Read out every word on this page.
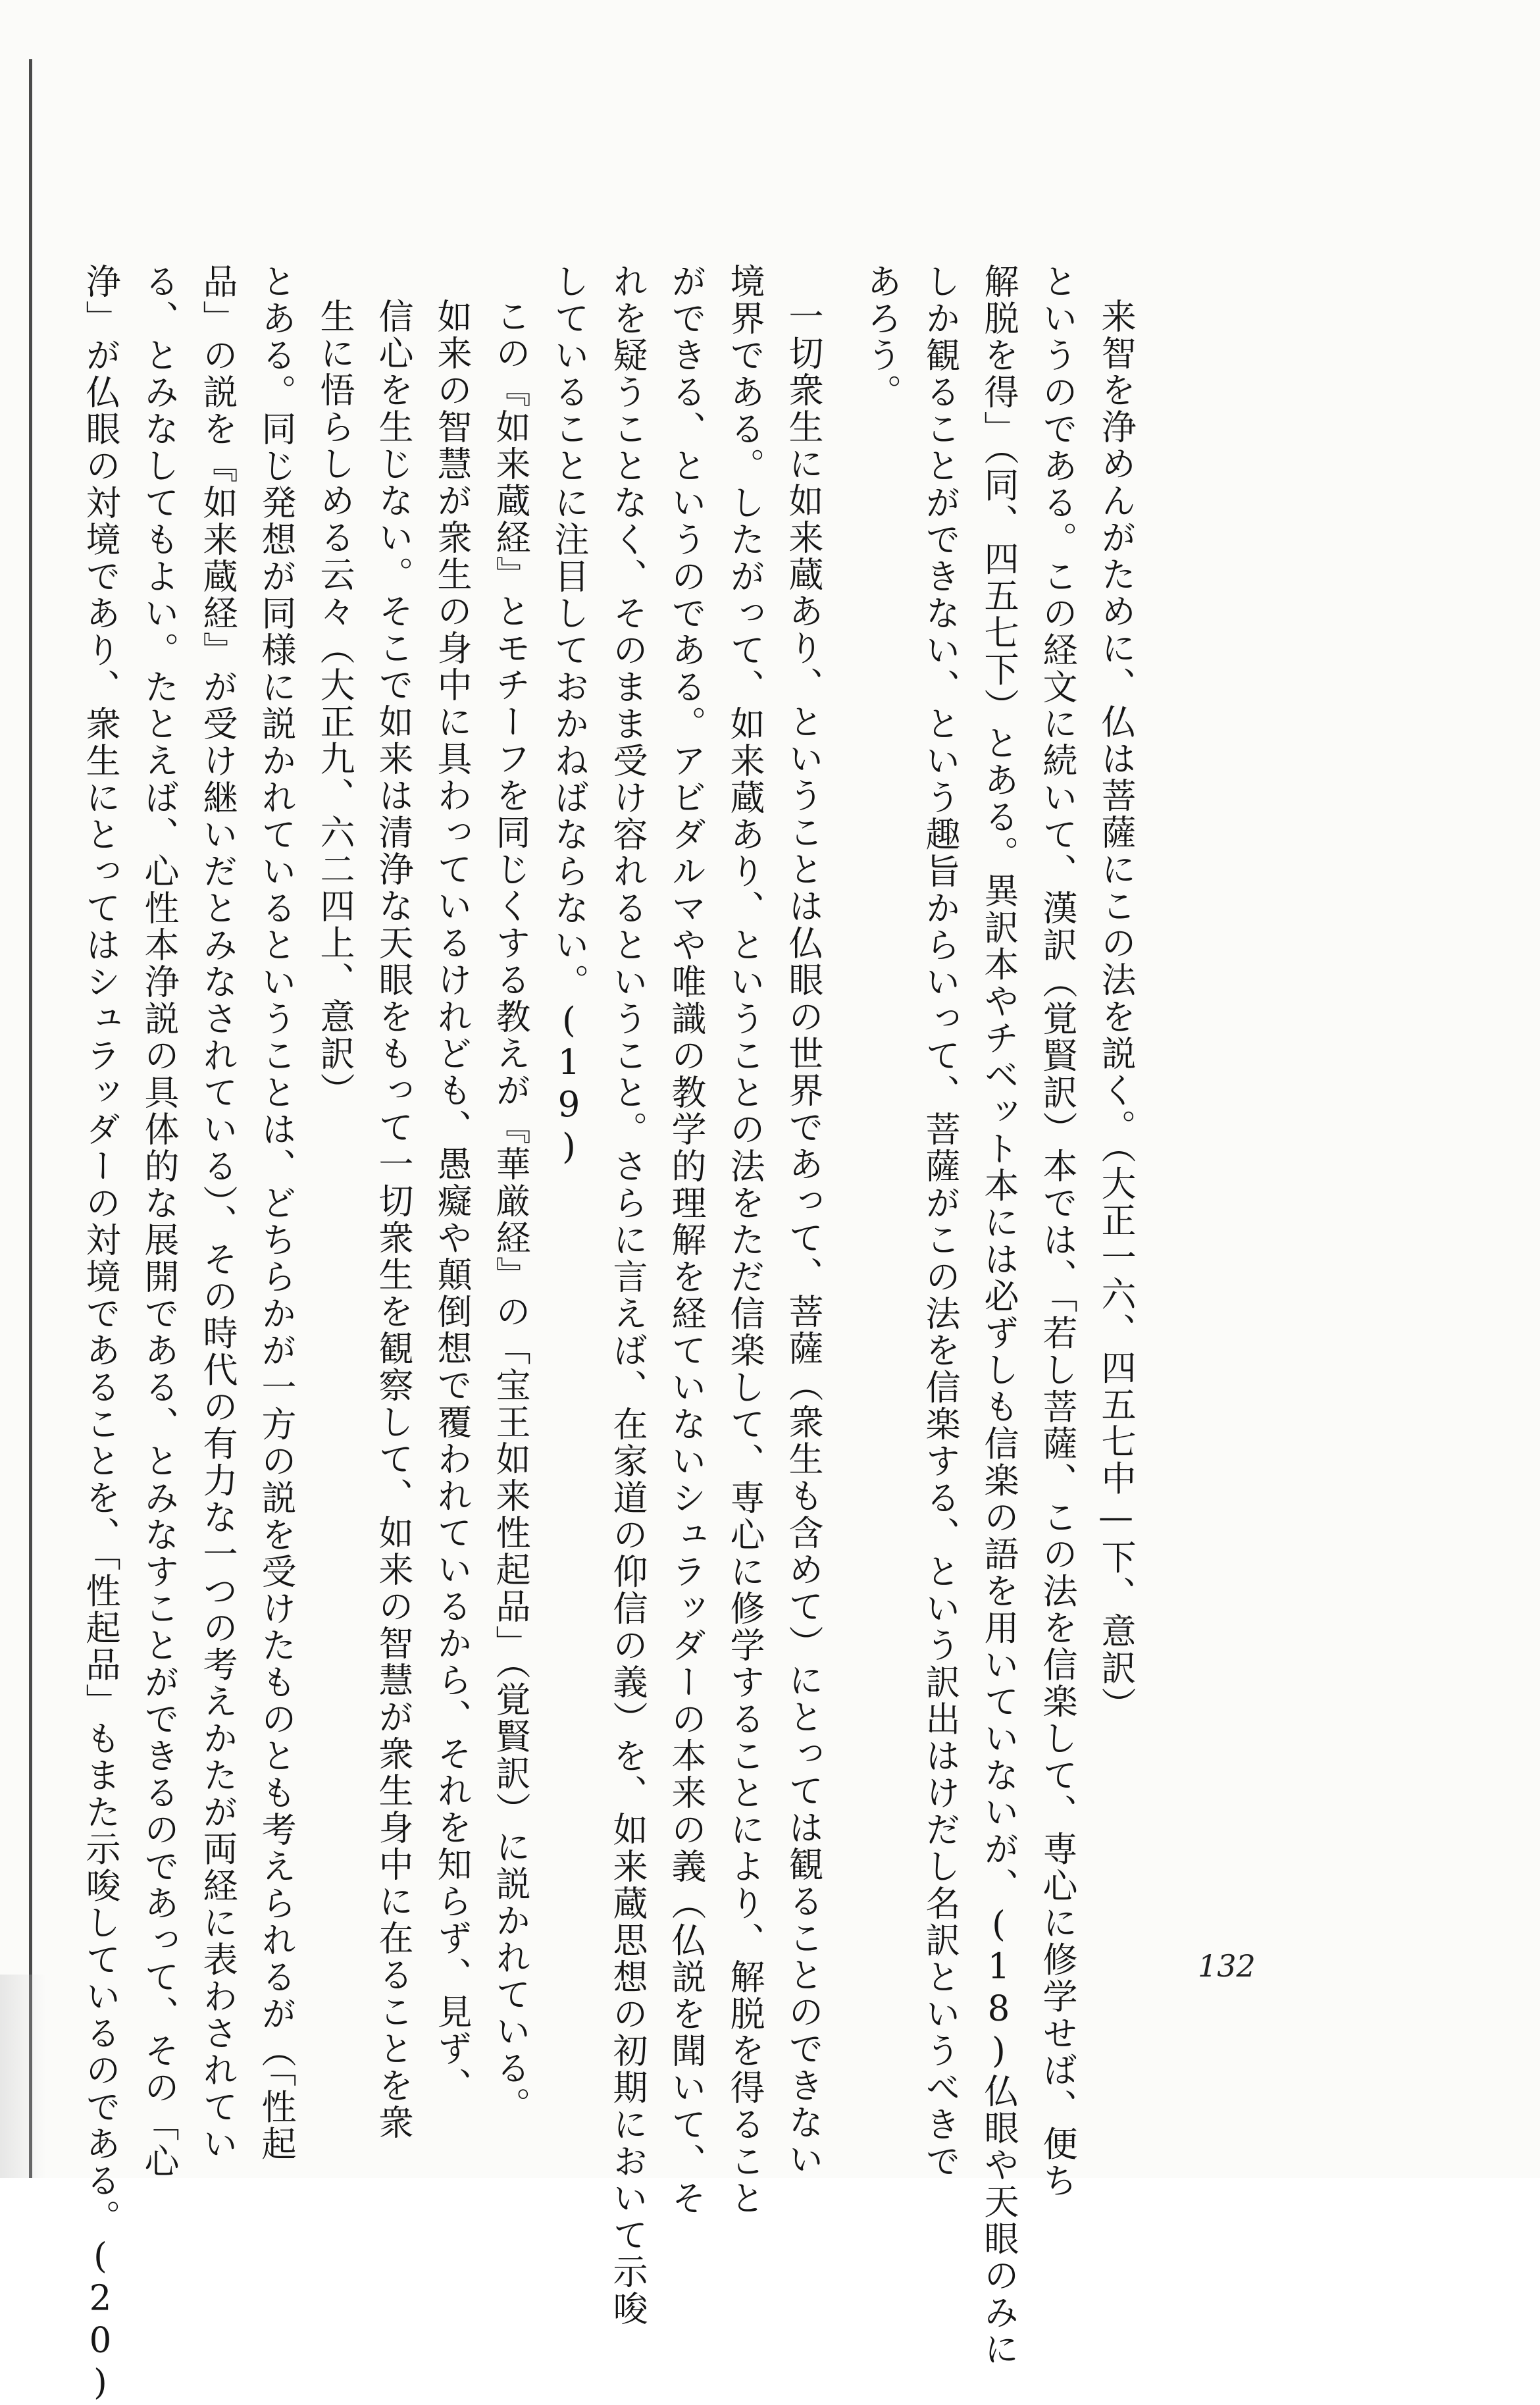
来智を浄めんがために、仏は菩薩にこの法を説く。（大正一六、四五七中—下、意訳）

というのである。この経文に続いて、漢訳（覚賢訳）本では、「若し菩薩、この法を信楽して、専心に修学せば、便ち

解脱を得」（同、四五七下）とある。異訳本やチベット本には必ずしも信楽の語を用いていないが、(18)仏眼や天眼のみに

しか観ることができない、という趣旨からいって、菩薩がこの法を信楽する、という訳出はけだし名訳というべきで

あろう。

一切衆生に如来蔵あり、ということは仏眼の世界であって、菩薩（衆生も含めて）にとっては観ることのできない

境界である。したがって、如来蔵あり、ということの法をただ信楽して、専心に修学することにより、解脱を得ること

ができる、というのである。アビダルマや唯識の教学的理解を経ていないシュラッダーの本来の義（仏説を聞いて、そ

れを疑うことなく、そのまま受け容れるということ。さらに言えば、在家道の仰信の義）を、如来蔵思想の初期において示唆

していることに注目しておかねばならない。(19)

この『如来蔵経』とモチーフを同じくする教えが『華厳経』の「宝王如来性起品」（覚賢訳）に説かれている。

如来の智慧が衆生の身中に具わっているけれども、愚癡や顛倒想で覆われているから、それを知らず、見ず、

信心を生じない。そこで如来は清浄な天眼をもって一切衆生を観察して、如来の智慧が衆生身中に在ることを衆

生に悟らしめる云々（大正九、六二四上、意訳）

とある。同じ発想が同様に説かれているということは、どちらかが一方の説を受けたものとも考えられるが（「性起

品」の説を『如来蔵経』が受け継いだとみなされている）、その時代の有力な一つの考えかたが両経に表わされてい

る、とみなしてもよい。たとえば、心性本浄説の具体的な展開である、とみなすことができるのであって、その「心

浄」が仏眼の対境であり、衆生にとってはシュラッダーの対境であることを、「性起品」もまた示唆しているのである。(20)	132
